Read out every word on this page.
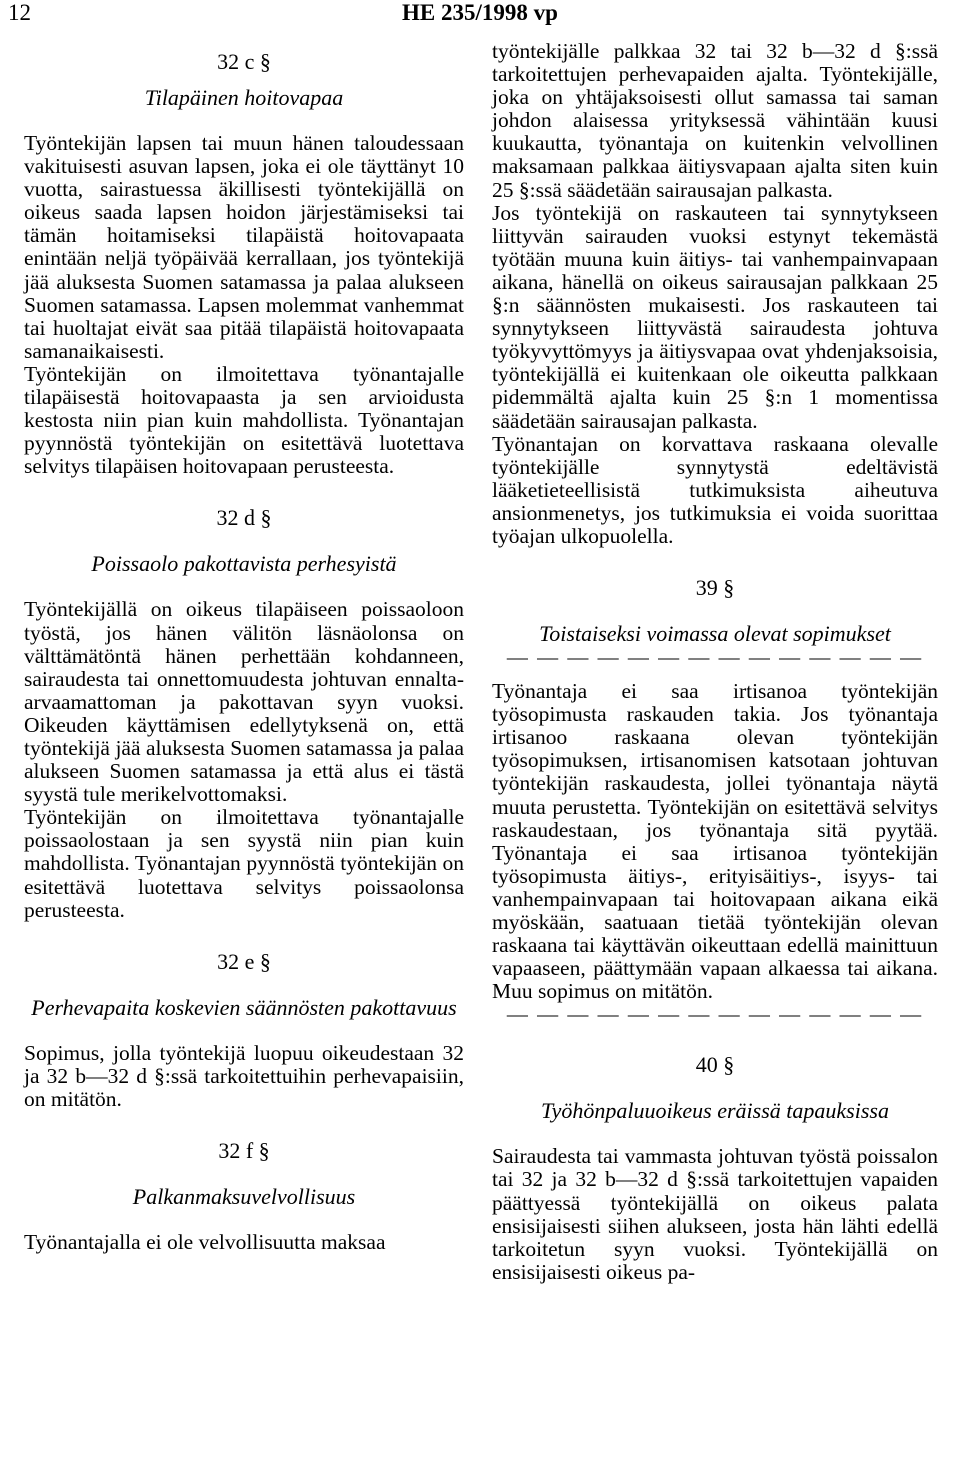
12	HE 235/1998 vp

32 c §

Tilapäinen hoitovapaa

Työntekijän lapsen tai muun hänen taloudessaan vakituisesti asuvan lapsen, joka ei ole täyttänyt 10 vuotta, sairastuessa äkillisesti työntekijällä on oikeus saada lapsen hoidon järjestämiseksi tai tämän hoitamiseksi tilapäistä hoitovapaata enintään neljä työpäivää kerrallaan, jos työntekijä jää aluksesta Suomen satamassa ja palaa alukseen Suomen satamassa. Lapsen molemmat vanhemmat tai huoltajat eivät saa pitää tilapäistä hoitovapaata samanaikaisesti.

Työntekijän on ilmoitettava työnantajalle tilapäisestä hoitovapaasta ja sen arvioidusta kestosta niin pian kuin mahdollista. Työnantajan pyynnöstä työntekijän on esitettävä luotettava selvitys tilapäisen hoitovapaan perusteesta.

32 d §

Poissaolo pakottavista perhesyistä

Työntekijällä on oikeus tilapäiseen poissaoloon työstä, jos hänen välitön läsnäolonsa on välttämätöntä hänen perhettään kohdanneen, sairaudesta tai onnettomuudesta johtuvan ennalta-arvaamattoman ja pakottavan syyn vuoksi. Oikeuden käyttämisen edellytyksenä on, että työntekijä jää aluksesta Suomen satamassa ja palaa alukseen Suomen satamassa ja että alus ei tästä syystä tule merikelvottomaksi.

Työntekijän on ilmoitettava työnantajalle poissaolostaan ja sen syystä niin pian kuin mahdollista. Työnantajan pyynnöstä työntekijän on esitettävä luotettava selvitys poissaolonsa perusteesta.

32 e §

Perhevapaita koskevien säännösten pakottavuus

Sopimus, jolla työntekijä luopuu oikeudestaan 32 ja 32 b—32 d §:ssä tarkoitettuihin perhevapaisiin, on mitätön.

32 f §

Palkanmaksuvelvollisuus

Työnantajalla ei ole velvollisuutta maksaa

työntekijälle palkkaa 32 tai 32 b—32 d §:ssä tarkoitettujen perhevapaiden ajalta. Työntekijälle, joka on yhtäjaksoisesti ollut samassa tai saman johdon alaisessa yrityksessä vähintään kuusi kuukautta, työnantaja on kuitenkin velvollinen maksamaan palkkaa äitiysvapaan ajalta siten kuin 25 §:ssä säädetään sairausajan palkasta.

Jos työntekijä on raskauteen tai synnytykseen liittyvän sairauden vuoksi estynyt tekemästä työtään muuna kuin äitiys- tai vanhempainvapaan aikana, hänellä on oikeus sairausajan palkkaan 25 §:n säännösten mukaisesti. Jos raskauteen tai synnytykseen liittyvästä sairaudesta johtuva työkyvyttömyys ja äitiysvapaa ovat yhdenjaksoisia, työntekijällä ei kuitenkaan ole oikeutta palkkaan pidemmältä ajalta kuin 25 §:n 1 momentissa säädetään sairausajan palkasta.

Työnantajan on korvattava raskaana olevalle työntekijälle synnytystä edeltävistä lääketieteellisistä tutkimuksista aiheutuva ansionmenetys, jos tutkimuksia ei voida suorittaa työajan ulkopuolella.

39 §

Toistaiseksi voimassa olevat sopimukset

— — — — — — — — — — — — — —

Työnantaja ei saa irtisanoa työntekijän työsopimusta raskauden takia. Jos työnantaja irtisanoo raskaana olevan työntekijän työsopimuksen, irtisanomisen katsotaan johtuvan työntekijän raskaudesta, jollei työnantaja näytä muuta perustetta. Työntekijän on esitettävä selvitys raskaudestaan, jos työnantaja sitä pyytää. Työnantaja ei saa irtisanoa työntekijän työsopimusta äitiys-, erityisäitiys-, isyys- tai vanhempainvapaan tai hoitovapaan aikana eikä myöskään, saatuaan tietää työntekijän olevan raskaana tai käyttävän oikeuttaan edellä mainittuun vapaaseen, päättymään vapaan alkaessa tai aikana. Muu sopimus on mitätön.

— — — — — — — — — — — — — —

40 §

Työhönpaluuoikeus eräissä tapauksissa

Sairaudesta tai vammasta johtuvan työstä poissalon tai 32 ja 32 b—32 d §:ssä tarkoitettujen vapaiden päättyessä työntekijällä on oikeus palata ensisijaisesti siihen alukseen, josta hän lähti edellä tarkoitetun syyn vuoksi. Työntekijällä on ensisijaisesti oikeus pa-
